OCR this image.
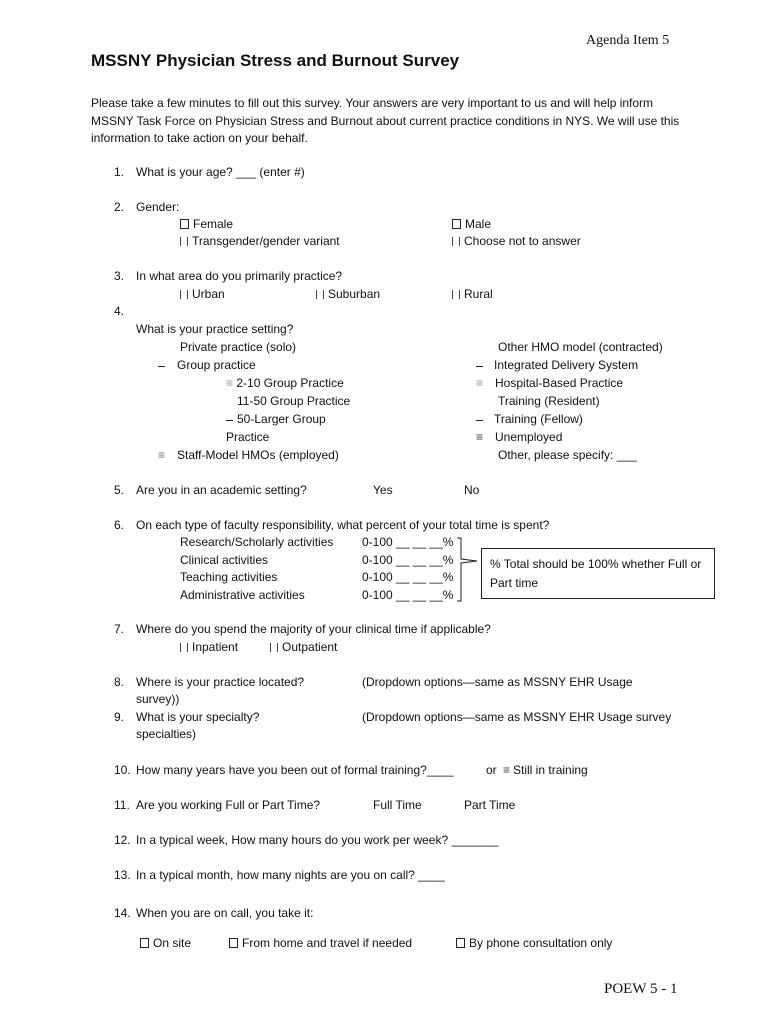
Agenda Item 5
MSSNY Physician Stress and Burnout Survey
Please take a few minutes to fill out this survey. Your answers are very important to us and will help inform MSSNY Task Force on Physician Stress and Burnout about current practice conditions in NYS. We will use this information to take action on your behalf.
1. What is your age? ___ (enter #)
2. Gender:
Female	Male
Transgender/gender variant	Choose not to answer
3. In what area do you primarily practice?
Urban	Suburban	Rural
4.
What is your practice setting?
Private practice (solo)
Group practice
≡ 2-10 Group Practice
11-50 Group Practice
50-Larger Group
Practice
≡ Staff-Model HMOs (employed)
Other HMO model (contracted)
Integrated Delivery System
≡ Hospital-Based Practice
Training (Resident)
Training (Fellow)
≡ Unemployed
Other, please specify: ___
5. Are you in an academic setting?	Yes	No
6. On each type of faculty responsibility, what percent of your total time is spent?
Research/Scholarly activities 0-100 __ __ __%
Clinical activities	0-100 __ __ __%
Teaching activities	0-100 __ __ __%
Administrative activities	0-100 __ __ __%
% Total should be 100% whether Full or Part time
7. Where do you spend the majority of your clinical time if applicable?
Inpatient	Outpatient
8. Where is your practice located?	(Dropdown options—same as MSSNY EHR Usage
survey))
9. What is your specialty?	(Dropdown options—same as MSSNY EHR Usage survey
specialties)
10. How many years have you been out of formal training?____	or ≡ Still in training
11. Are you working Full or Part Time?	Full Time	Part Time
12. In a typical week, How many hours do you work per week? _______
13. In a typical month, how many nights are you on call? ____
14. When you are on call, you take it:
On site	From home and travel if needed	By phone consultation only
POEW 5 - 1
